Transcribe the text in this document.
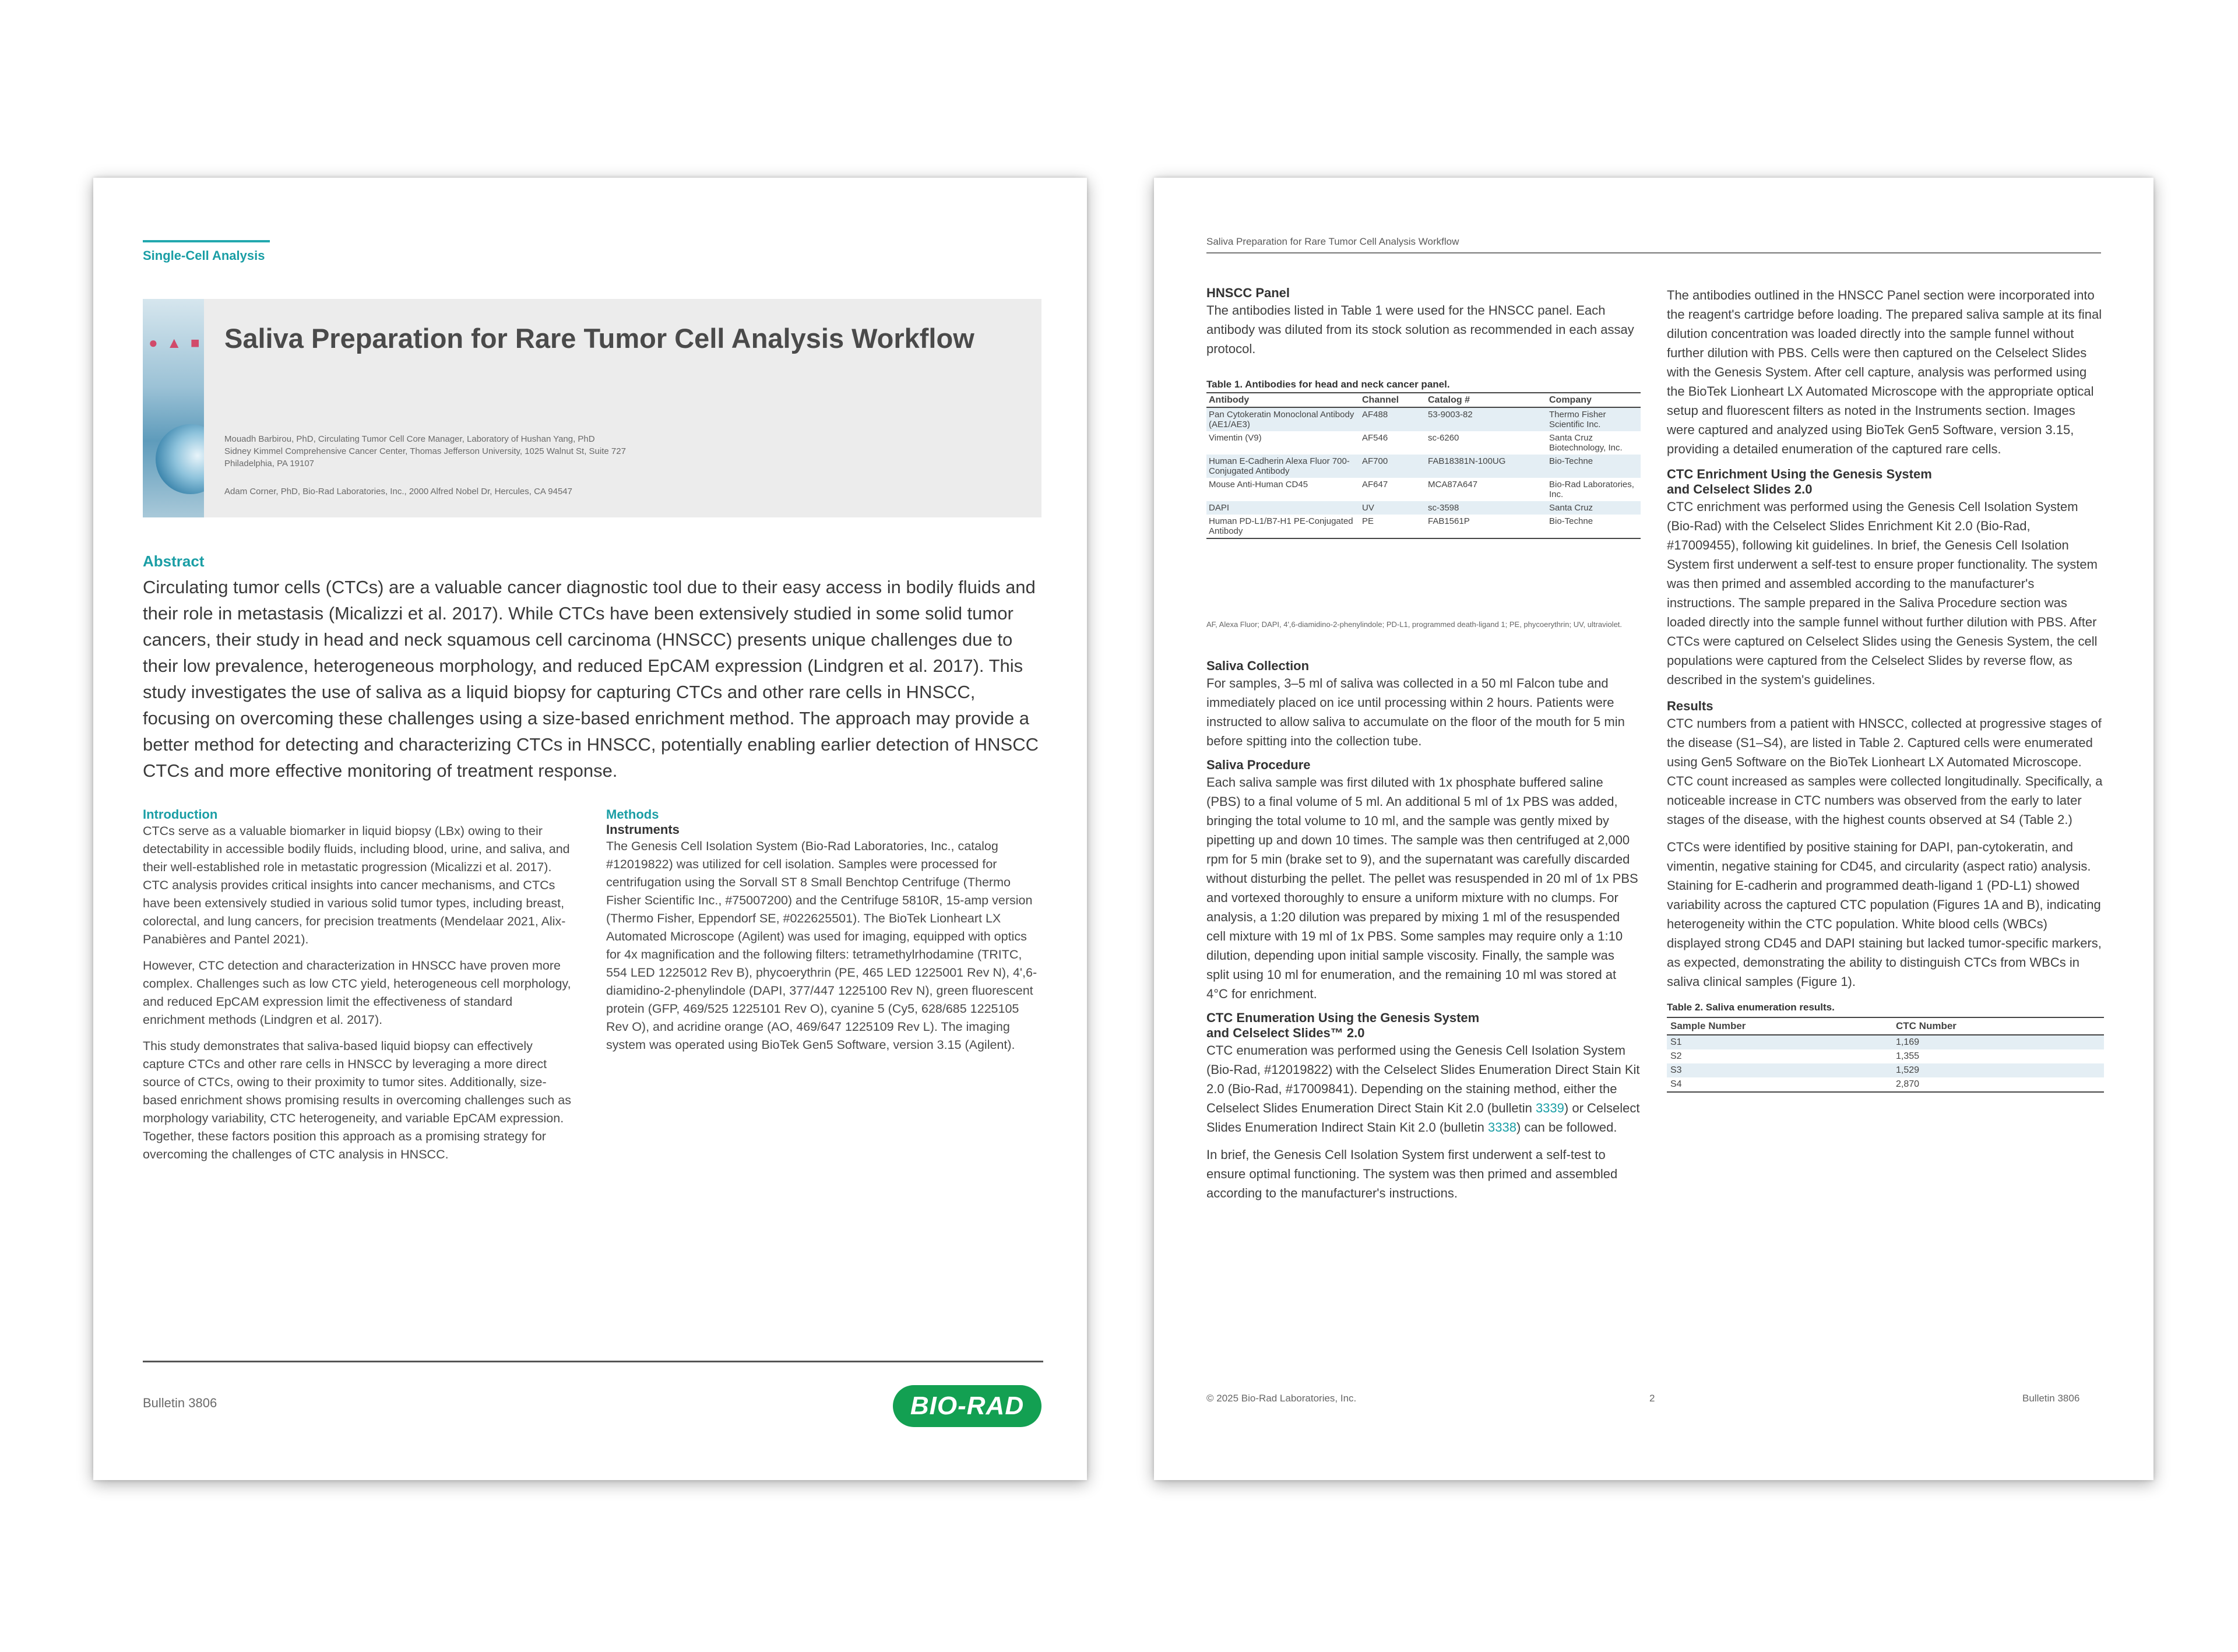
Single-Cell Analysis
● ▲ ■ Saliva Preparation for Rare Tumor Cell Analysis Workflow
Mouadh Barbirou, PhD, Circulating Tumor Cell Core Manager, Laboratory of Hushan Yang, PhD
Sidney Kimmel Comprehensive Cancer Center, Thomas Jefferson University, 1025 Walnut St, Suite 727
Philadelphia, PA 19107
Adam Corner, PhD, Bio-Rad Laboratories, Inc., 2000 Alfred Nobel Dr, Hercules, CA 94547
Abstract
Circulating tumor cells (CTCs) are a valuable cancer diagnostic tool due to their easy access in bodily fluids and their role in metastasis (Micalizzi et al. 2017). While CTCs have been extensively studied in some solid tumor cancers, their study in head and neck squamous cell carcinoma (HNSCC) presents unique challenges due to their low prevalence, heterogeneous morphology, and reduced EpCAM expression (Lindgren et al. 2017). This study investigates the use of saliva as a liquid biopsy for capturing CTCs and other rare cells in HNSCC, focusing on overcoming these challenges using a size-based enrichment method. The approach may provide a better method for detecting and characterizing CTCs in HNSCC, potentially enabling earlier detection of HNSCC CTCs and more effective monitoring of treatment response.
Introduction
CTCs serve as a valuable biomarker in liquid biopsy (LBx) owing to their detectability in accessible bodily fluids, including blood, urine, and saliva, and their well-established role in metastatic progression (Micalizzi et al. 2017). CTC analysis provides critical insights into cancer mechanisms, and CTCs have been extensively studied in various solid tumor types, including breast, colorectal, and lung cancers, for precision treatments (Mendelaar 2021, Alix-Panabières and Pantel 2021).
However, CTC detection and characterization in HNSCC have proven more complex. Challenges such as low CTC yield, heterogeneous cell morphology, and reduced EpCAM expression limit the effectiveness of standard enrichment methods (Lindgren et al. 2017).
This study demonstrates that saliva-based liquid biopsy can effectively capture CTCs and other rare cells in HNSCC by leveraging a more direct source of CTCs, owing to their proximity to tumor sites. Additionally, size-based enrichment shows promising results in overcoming challenges such as morphology variability, CTC heterogeneity, and variable EpCAM expression. Together, these factors position this approach as a promising strategy for overcoming the challenges of CTC analysis in HNSCC.
Methods
Instruments
The Genesis Cell Isolation System (Bio-Rad Laboratories, Inc., catalog #12019822) was utilized for cell isolation. Samples were processed for centrifugation using the Sorvall ST 8 Small Benchtop Centrifuge (Thermo Fisher Scientific Inc., #75007200) and the Centrifuge 5810R, 15-amp version (Thermo Fisher, Eppendorf SE, #022625501). The BioTek Lionheart LX Automated Microscope (Agilent) was used for imaging, equipped with optics for 4x magnification and the following filters: tetramethylrhodamine (TRITC, 554 LED 1225012 Rev B), phycoerythrin (PE, 465 LED 1225001 Rev N), 4',6-diamidino-2-phenylindole (DAPI, 377/447 1225100 Rev N), green fluorescent protein (GFP, 469/525 1225101 Rev O), cyanine 5 (Cy5, 628/685 1225105 Rev O), and acridine orange (AO, 469/647 1225109 Rev L). The imaging system was operated using BioTek Gen5 Software, version 3.15 (Agilent).
Bulletin 3806	BIO-RAD
Saliva Preparation for Rare Tumor Cell Analysis Workflow
HNSCC Panel
The antibodies listed in Table 1 were used for the HNSCC panel. Each antibody was diluted from its stock solution as recommended in each assay protocol.
Table 1. Antibodies for head and neck cancer panel.
Antibody	Channel	Catalog #	Company
Pan Cytokeratin Monoclonal Antibody (AE1/AE3)	AF488	53-9003-82	Thermo Fisher Scientific Inc.
Vimentin (V9)	AF546	sc-6260	Santa Cruz Biotechnology, Inc.
Human E-Cadherin Alexa Fluor 700-Conjugated Antibody	AF700	FAB18381N-100UG	Bio-Techne
Mouse Anti-Human CD45	AF647	MCA87A647	Bio-Rad Laboratories, Inc.
DAPI	UV	sc-3598	Santa Cruz
Human PD-L1/B7-H1 PE-Conjugated Antibody	PE	FAB1561P	Bio-Techne
AF, Alexa Fluor; DAPI, 4',6-diamidino-2-phenylindole; PD-L1, programmed death-ligand 1; PE, phycoerythrin; UV, ultraviolet.
Saliva Collection
For samples, 3–5 ml of saliva was collected in a 50 ml Falcon tube and immediately placed on ice until processing within 2 hours. Patients were instructed to allow saliva to accumulate on the floor of the mouth for 5 min before spitting into the collection tube.
Saliva Procedure
Each saliva sample was first diluted with 1x phosphate buffered saline (PBS) to a final volume of 5 ml. An additional 5 ml of 1x PBS was added, bringing the total volume to 10 ml, and the sample was gently mixed by pipetting up and down 10 times. The sample was then centrifuged at 2,000 rpm for 5 min (brake set to 9), and the supernatant was carefully discarded without disturbing the pellet. The pellet was resuspended in 20 ml of 1x PBS and vortexed thoroughly to ensure a uniform mixture with no clumps. For analysis, a 1:20 dilution was prepared by mixing 1 ml of the resuspended cell mixture with 19 ml of 1x PBS. Some samples may require only a 1:10 dilution, depending upon initial sample viscosity. Finally, the sample was split using 10 ml for enumeration, and the remaining 10 ml was stored at 4°C for enrichment.
CTC Enumeration Using the Genesis System
and Celselect Slides™ 2.0
CTC enumeration was performed using the Genesis Cell Isolation System (Bio-Rad, #12019822) with the Celselect Slides Enumeration Direct Stain Kit 2.0 (Bio-Rad, #17009841). Depending on the staining method, either the Celselect Slides Enumeration Direct Stain Kit 2.0 (bulletin 3339) or Celselect Slides Enumeration Indirect Stain Kit 2.0 (bulletin 3338) can be followed.
In brief, the Genesis Cell Isolation System first underwent a self-test to ensure optimal functioning. The system was then primed and assembled according to the manufacturer's instructions.
The antibodies outlined in the HNSCC Panel section were incorporated into the reagent's cartridge before loading. The prepared saliva sample at its final dilution concentration was loaded directly into the sample funnel without further dilution with PBS. Cells were then captured on the Celselect Slides with the Genesis System. After cell capture, analysis was performed using the BioTek Lionheart LX Automated Microscope with the appropriate optical setup and fluorescent filters as noted in the Instruments section. Images were captured and analyzed using BioTek Gen5 Software, version 3.15, providing a detailed enumeration of the captured rare cells.
CTC Enrichment Using the Genesis System
and Celselect Slides 2.0
CTC enrichment was performed using the Genesis Cell Isolation System (Bio-Rad) with the Celselect Slides Enrichment Kit 2.0 (Bio-Rad, #17009455), following kit guidelines. In brief, the Genesis Cell Isolation System first underwent a self-test to ensure proper functionality. The system was then primed and assembled according to the manufacturer's instructions. The sample prepared in the Saliva Procedure section was loaded directly into the sample funnel without further dilution with PBS. After CTCs were captured on Celselect Slides using the Genesis System, the cell populations were captured from the Celselect Slides by reverse flow, as described in the system's guidelines.
Results
CTC numbers from a patient with HNSCC, collected at progressive stages of the disease (S1–S4), are listed in Table 2. Captured cells were enumerated using Gen5 Software on the BioTek Lionheart LX Automated Microscope. CTC count increased as samples were collected longitudinally. Specifically, a noticeable increase in CTC numbers was observed from the early to later stages of the disease, with the highest counts observed at S4 (Table 2.)
CTCs were identified by positive staining for DAPI, pan-cytokeratin, and vimentin, negative staining for CD45, and circularity (aspect ratio) analysis. Staining for E-cadherin and programmed death-ligand 1 (PD-L1) showed variability across the captured CTC population (Figures 1A and B), indicating heterogeneity within the CTC population. White blood cells (WBCs) displayed strong CD45 and DAPI staining but lacked tumor-specific markers, as expected, demonstrating the ability to distinguish CTCs from WBCs in saliva clinical samples (Figure 1).
Table 2. Saliva enumeration results.
Sample Number	CTC Number
S1	1,169
S2	1,355
S3	1,529
S4	2,870
© 2025 Bio-Rad Laboratories, Inc.	2	Bulletin 3806
